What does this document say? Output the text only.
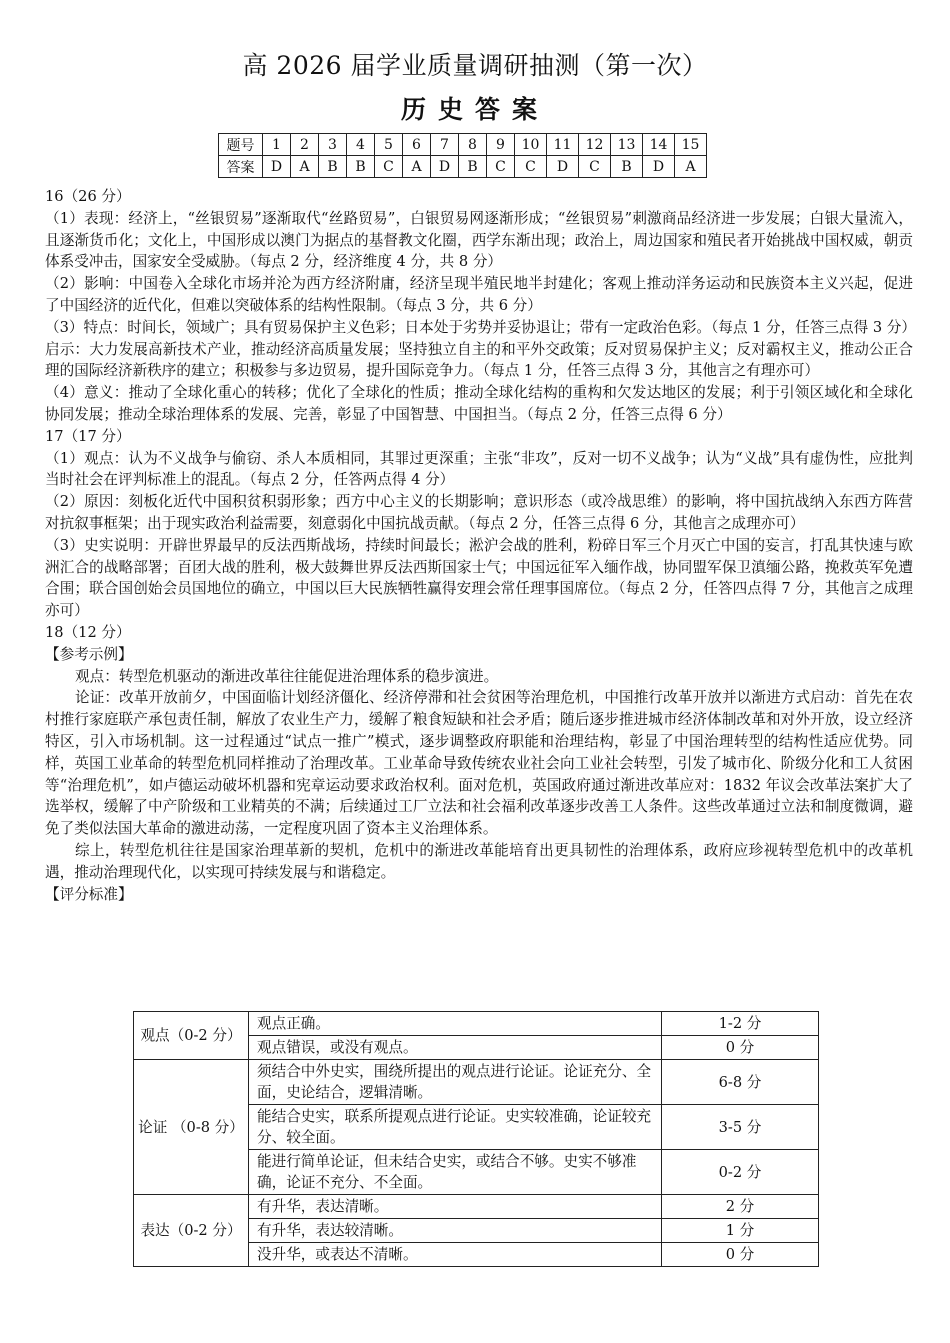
高 2026 届学业质量调研抽测（第一次）
历史答案
题号	1	2	3	4	5	6	7	8	9	10	11	12	13	14	15
答案	D	A	B	B	C	A	D	B	C	C	D	C	B	D	A

16（26 分）

（1）表现：经济上，“丝银贸易”逐渐取代“丝路贸易”，白银贸易网逐渐形成；“丝银贸易”刺激商品经济进一步发展；白银大量流入，且逐渐货币化；文化上，中国形成以澳门为据点的基督教文化圈，西学东渐出现；政治上，周边国家和殖民者开始挑战中国权威，朝贡体系受冲击，国家安全受威胁。（每点 2 分，经济维度 4 分，共 8 分）

（2）影响：中国卷入全球化市场并沦为西方经济附庸，经济呈现半殖民地半封建化；客观上推动洋务运动和民族资本主义兴起，促进了中国经济的近代化，但难以突破体系的结构性限制。（每点 3 分，共 6 分）

（3）特点：时间长，领域广；具有贸易保护主义色彩；日本处于劣势并妥协退让；带有一定政治色彩。（每点 1 分，任答三点得 3 分）

启示：大力发展高新技术产业，推动经济高质量发展；坚持独立自主的和平外交政策；反对贸易保护主义；反对霸权主义，推动公正合理的国际经济新秩序的建立；积极参与多边贸易，提升国际竞争力。（每点 1 分，任答三点得 3 分，其他言之有理亦可）

（4）意义：推动了全球化重心的转移；优化了全球化的性质；推动全球化结构的重构和欠发达地区的发展；利于引领区域化和全球化协同发展；推动全球治理体系的发展、完善，彰显了中国智慧、中国担当。（每点 2 分，任答三点得 6 分）

17（17 分）

（1）观点：认为不义战争与偷窃、杀人本质相同，其罪过更深重；主张“非攻”，反对一切不义战争；认为“义战”具有虚伪性，应批判当时社会在评判标准上的混乱。（每点 2 分，任答两点得 4 分）

（2）原因：刻板化近代中国积贫积弱形象；西方中心主义的长期影响；意识形态（或冷战思维）的影响，将中国抗战纳入东西方阵营对抗叙事框架；出于现实政治利益需要，刻意弱化中国抗战贡献。（每点 2 分，任答三点得 6 分，其他言之成理亦可）

（3）史实说明：开辟世界最早的反法西斯战场，持续时间最长；淞沪会战的胜利，粉碎日军三个月灭亡中国的妄言，打乱其快速与欧洲汇合的战略部署；百团大战的胜利，极大鼓舞世界反法西斯国家士气；中国远征军入缅作战，协同盟军保卫滇缅公路，挽救英军免遭合围；联合国创始会员国地位的确立，中国以巨大民族牺牲赢得安理会常任理事国席位。（每点 2 分，任答四点得 7 分，其他言之成理亦可）

18（12 分）

【参考示例】

观点：转型危机驱动的渐进改革往往能促进治理体系的稳步演进。

论证：改革开放前夕，中国面临计划经济僵化、经济停滞和社会贫困等治理危机，中国推行改革开放并以渐进方式启动：首先在农村推行家庭联产承包责任制，解放了农业生产力，缓解了粮食短缺和社会矛盾；随后逐步推进城市经济体制改革和对外开放，设立经济特区，引入市场机制。这一过程通过“试点一推广”模式，逐步调整政府职能和治理结构，彰显了中国治理转型的结构性适应优势。同样，英国工业革命的转型危机同样推动了治理改革。工业革命导致传统农业社会向工业社会转型，引发了城市化、阶级分化和工人贫困等“治理危机”，如卢德运动破坏机器和宪章运动要求政治权利。面对危机，英国政府通过渐进改革应对：1832 年议会改革法案扩大了选举权，缓解了中产阶级和工业精英的不满；后续通过工厂立法和社会福利改革逐步改善工人条件。这些改革通过立法和制度微调，避免了类似法国大革命的激进动荡，一定程度巩固了资本主义治理体系。

综上，转型危机往往是国家治理革新的契机，危机中的渐进改革能培育出更具韧性的治理体系，政府应珍视转型危机中的改革机遇，推动治理现代化，以实现可持续发展与和谐稳定。

【评分标准】

观点（0-2 分）	观点正确。	1-2 分
	观点错误，或没有观点。	0 分
论证 （0-8 分）	须结合中外史实，围绕所提出的观点进行论证。论证充分、全面，史论结合，逻辑清晰。	6-8 分
	能结合史实，联系所提观点进行论证。史实较准确，论证较充分、较全面。	3-5 分
	能进行简单论证，但未结合史实，或结合不够。史实不够准确，论证不充分、不全面。	0-2 分
表达（0-2 分）	有升华，表达清晰。	2 分
	有升华，表达较清晰。	1 分
	没升华，或表达不清晰。	0 分
